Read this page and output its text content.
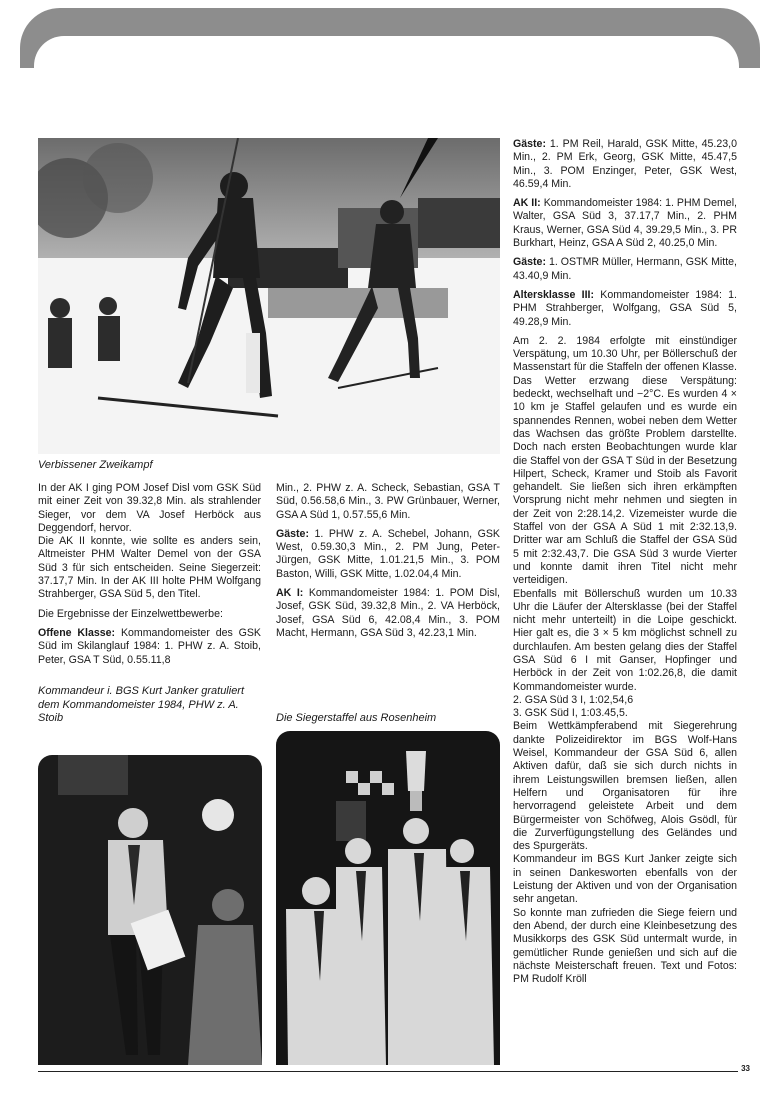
Verbissener Zweikampf

In der AK I ging POM Josef Disl vom GSK Süd mit einer Zeit von 39.32,8 Min. als strahlender Sieger, vor dem VA Josef Herböck aus Deggendorf, hervor.

Die AK II konnte, wie sollte es anders sein, Altmeister PHM Walter Demel von der GSA Süd 3 für sich entscheiden. Seine Siegerzeit: 37.17,7 Min. In der AK III holte PHM Wolfgang Strahberger, GSA Süd 5, den Titel.

Die Ergebnisse der Einzelwettbewerbe:

Offene Klasse: Kommandomeister des GSK Süd im Skilanglauf 1984: 1. PHW z. A. Stoib, Peter, GSA T Süd, 0.55.11,8

Min., 2. PHW z. A. Scheck, Sebastian, GSA T Süd, 0.56.58,6 Min., 3. PW Grünbauer, Werner, GSA A Süd 1, 0.57.55,6 Min.

Gäste: 1. PHW z. A. Schebel, Johann, GSK West, 0.59.30,3 Min., 2. PM Jung, Peter-Jürgen, GSK Mitte, 1.01.21,5 Min., 3. POM Baston, Willi, GSK Mitte, 1.02.04,4 Min.

AK I: Kommandomeister 1984: 1. POM Disl, Josef, GSK Süd, 39.32,8 Min., 2. VA Herböck, Josef, GSA Süd 6, 42.08,4 Min., 3. POM Macht, Hermann, GSA Süd 3, 42.23,1 Min.

Kommandeur i. BGS Kurt Janker gratuliert dem Kommandomeister 1984, PHW z. A. Stoib	Die Siegerstaffel aus Rosenheim

Gäste: 1. PM Reil, Harald, GSK Mitte, 45.23,0 Min., 2. PM Erk, Georg, GSK Mitte, 45.47,5 Min., 3. POM Enzinger, Peter, GSK West, 46.59,4 Min.

AK II: Kommandomeister 1984: 1. PHM Demel, Walter, GSA Süd 3, 37.17,7 Min., 2. PHM Kraus, Werner, GSA Süd 4, 39.29,5 Min., 3. PR Burkhart, Heinz, GSA A Süd 2, 40.25,0 Min.

Gäste: 1. OSTMR Müller, Hermann, GSK Mitte, 43.40,9 Min.

Altersklasse III: Kommandomeister 1984: 1. PHM Strahberger, Wolfgang, GSA Süd 5, 49.28,9 Min.

Am 2. 2. 1984 erfolgte mit einstündiger Verspätung, um 10.30 Uhr, per Böllerschuß der Massenstart für die Staffeln der offenen Klasse. Das Wetter erzwang diese Verspätung: bedeckt, wechselhaft und −2°C. Es wurden 4 × 10 km je Staffel gelaufen und es wurde ein spannendes Rennen, wobei neben dem Wetter das Wachsen das größte Problem darstellte. Doch nach ersten Beobachtungen wurde klar die Staffel von der GSA T Süd in der Besetzung Hilpert, Scheck, Kramer und Stoib als Favorit gehandelt. Sie ließen sich ihren erkämpften Vorsprung nicht mehr nehmen und siegten in der Zeit von 2:28.14,2. Vizemeister wurde die Staffel von der GSA A Süd 1 mit 2:32.13,9. Dritter war am Schluß die Staffel der GSA Süd 5 mit 2:32.43,7. Die GSA Süd 3 wurde Vierter und konnte damit ihren Titel nicht mehr verteidigen.

Ebenfalls mit Böllerschuß wurden um 10.33 Uhr die Läufer der Altersklasse (bei der Staffel nicht mehr unterteilt) in die Loipe geschickt. Hier galt es, die 3 × 5 km möglichst schnell zu durchlaufen. Am besten gelang dies der Staffel GSA Süd 6 I mit Ganser, Hopfinger und Herböck in der Zeit von 1:02.26,8, die damit Kommandomeister wurde.

2. GSA Süd 3 I, 1:02,54,6

3. GSK Süd I, 1:03.45,5.

Beim Wettkämpferabend mit Siegerehrung dankte Polizeidirektor im BGS Wolf-Hans Weisel, Kommandeur der GSA Süd 6, allen Aktiven dafür, daß sie sich durch nichts in ihrem Leistungswillen bremsen ließen, allen Helfern und Organisatoren für ihre hervorragend geleistete Arbeit und dem Bürgermeister von Schöfweg, Alois Gsödl, für die Zurverfügungstellung des Geländes und des Spurgeräts.

Kommandeur im BGS Kurt Janker zeigte sich in seinen Dankesworten ebenfalls von der Leistung der Aktiven und von der Organisation sehr angetan.

So konnte man zufrieden die Siege feiern und den Abend, der durch eine Kleinbesetzung des Musikkorps des GSK Süd untermalt wurde, in gemütlicher Runde genießen und sich auf die nächste Meisterschaft freuen. Text und Fotos: PM Rudolf Kröll

33
